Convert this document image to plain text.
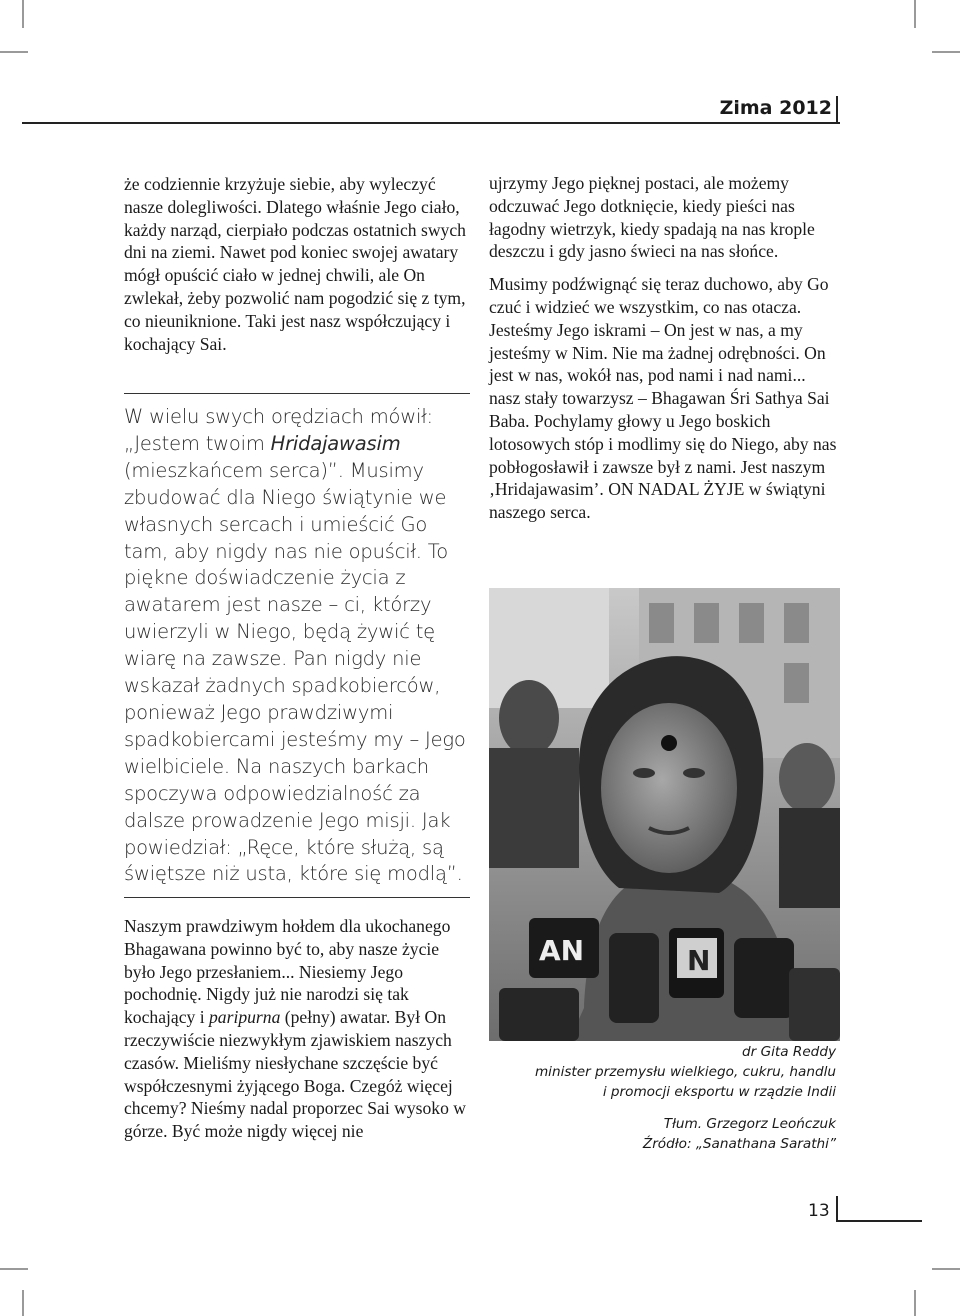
Zima 2012

że codziennie krzyżuje siebie, aby wyleczyć nasze dolegliwości. Dlatego właśnie Jego ciało, każdy narząd, cierpiało podczas ostatnich swych dni na ziemi. Nawet pod koniec swojej awatary mógł opuścić ciało w jednej chwili, ale On zwlekał, żeby pozwolić nam pogodzić się z tym, co nieuniknione. Taki jest nasz współczujący i kochający Sai.

W wielu swych orędziach mówił: „Jestem twoim Hridajawasim (mieszkańcem serca)”. Musimy zbudować dla Niego świątynie we własnych sercach i umieścić Go tam, aby nigdy nas nie opuścił. To piękne doświadczenie życia z awatarem jest nasze – ci, którzy uwierzyli w Niego, będą żywić tę wiarę na zawsze. Pan nigdy nie wskazał żadnych spadkobierców, ponieważ Jego prawdziwymi spadkobiercami jesteśmy my – Jego wielbiciele. Na naszych barkach spoczywa odpowiedzialność za dalsze prowadzenie Jego misji. Jak powiedział: „Ręce, które służą, są świętsze niż usta, które się modlą”.

Naszym prawdziwym hołdem dla ukochanego Bhagawana powinno być to, aby nasze życie było Jego przesłaniem... Niesiemy Jego pochodnię. Nigdy już nie narodzi się tak kochający i paripurna (pełny) awatar. Był On rzeczywiście niezwykłym zjawiskiem naszych czasów. Mieliśmy niesłychane szczęście być współczesnymi żyjącego Boga. Czegóż więcej chcemy? Nieśmy nadal proporzec Sai wysoko w górze. Być może nigdy więcej nie

ujrzymy Jego pięknej postaci, ale możemy odczuwać Jego dotknięcie, kiedy pieści nas łagodny wietrzyk, kiedy spadają na nas krople deszczu i gdy jasno świeci na nas słońce.

Musimy podźwignąć się teraz duchowo, aby Go czuć i widzieć we wszystkim, co nas otacza. Jesteśmy Jego iskrami – On jest w nas, a my jesteśmy w Nim. Nie ma żadnej odrębności. On jest w nas, wokół nas, pod nami i nad nami... nasz stały towarzysz – Bhagawan Śri Sathya Sai Baba. Pochylamy głowy u Jego boskich lotosowych stóp i modlimy się do Niego, aby nas pobłogosławił i zawsze był z nami. Jest naszym ‚Hridajawasim’. ON NADAL ŻYJE w świątyni naszego serca.

AN	N
dr Gita Reddy
minister przemysłu wielkiego, cukru, handlu
i promocji eksportu w rządzie Indii
Tłum. Grzegorz Leończuk
Źródło: „Sanathana Sarathi”
13
